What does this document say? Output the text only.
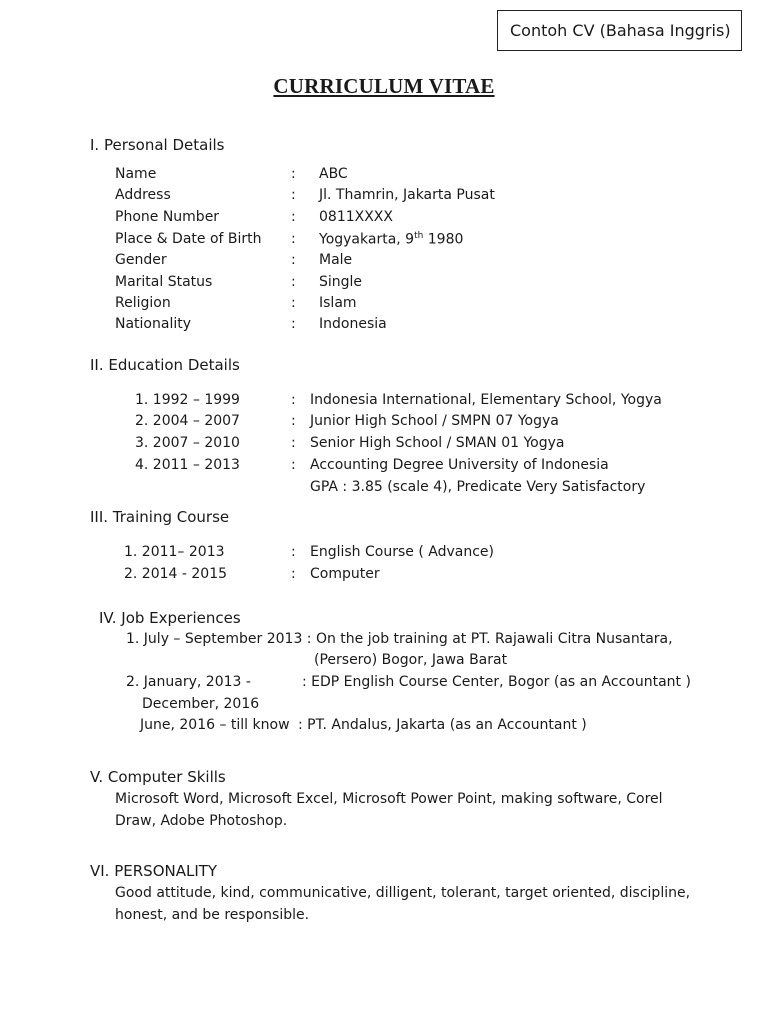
Contoh CV (Bahasa Inggris)
CURRICULUM VITAE
I. Personal Details
Name	: ABC
Address	: Jl. Thamrin, Jakarta Pusat
Phone Number	: 0811XXXX
Place & Date of Birth : Yogyakarta, 9th 1980
Gender	: Male
Marital Status	: Single
Religion	: Islam
Nationality	: Indonesia
II. Education Details
1. 1992 – 1999	: Indonesia International, Elementary School, Yogya
2. 2004 – 2007	: Junior High School / SMPN 07 Yogya
3. 2007 – 2010	: Senior High School / SMAN 01 Yogya
4. 2011 – 2013	: Accounting Degree University of Indonesia
GPA : 3.85 (scale 4), Predicate Very Satisfactory
III. Training Course
1. 2011– 2013	: English Course ( Advance)
2. 2014 - 2015	: Computer
IV. Job Experiences
1. July – September 2013 : On the job training at PT. Rajawali Citra Nusantara,
(Persero) Bogor, Jawa Barat
2. January, 2013 -	: EDP English Course Center, Bogor (as an Accountant )
December, 2016
June, 2016 – till know : PT. Andalus, Jakarta (as an Accountant )
V. Computer Skills
Microsoft Word, Microsoft Excel, Microsoft Power Point, making software, Corel
Draw, Adobe Photoshop.
VI. PERSONALITY
Good attitude, kind, communicative, dilligent, tolerant, target oriented, discipline,
honest, and be responsible.
